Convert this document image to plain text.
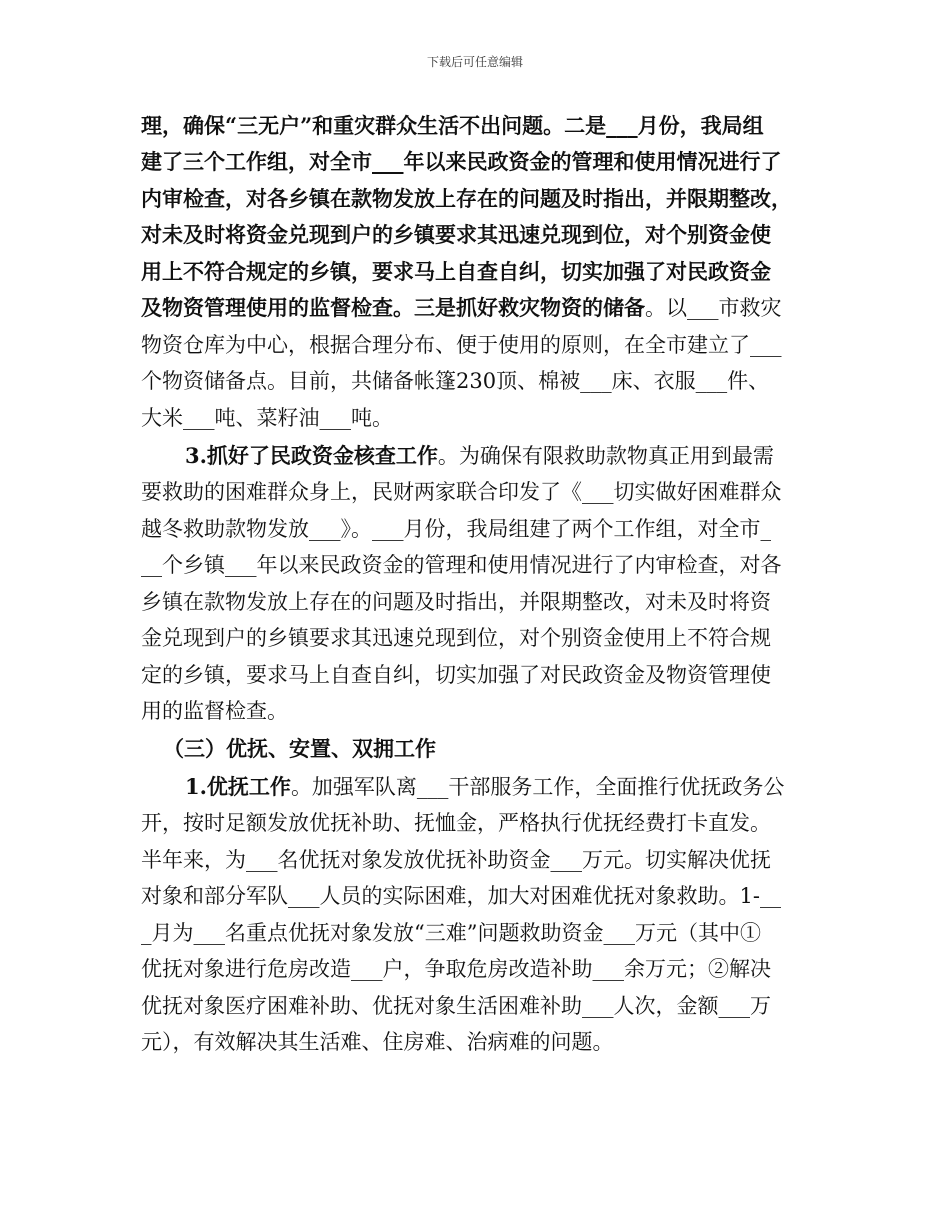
下载后可任意编辑
理，确保“三无户”和重灾群众生活不出问题。二是___月份，我局组
建了三个工作组，对全市___年以来民政资金的管理和使用情况进行了
内审检查，对各乡镇在款物发放上存在的问题及时指出，并限期整改，
对未及时将资金兑现到户的乡镇要求其迅速兑现到位，对个别资金使
用上不符合规定的乡镇，要求马上自查自纠，切实加强了对民政资金
及物资管理使用的监督检查。三是抓好救灾物资的储备。以___市救灾
物资仓库为中心，根据合理分布、便于使用的原则，在全市建立了___
个物资储备点。目前，共储备帐篷230顶、棉被___床、衣服___件、
大米___吨、菜籽油___吨。
3.抓好了民政资金核查工作。为确保有限救助款物真正用到最需
要救助的困难群众身上，民财两家联合印发了《___切实做好困难群众
越冬救助款物发放___》。___月份，我局组建了两个工作组，对全市_
__个乡镇___年以来民政资金的管理和使用情况进行了内审检查，对各
乡镇在款物发放上存在的问题及时指出，并限期整改，对未及时将资
金兑现到户的乡镇要求其迅速兑现到位，对个别资金使用上不符合规
定的乡镇，要求马上自查自纠，切实加强了对民政资金及物资管理使
用的监督检查。
（三）优抚、安置、双拥工作
1.优抚工作。加强军队离___干部服务工作，全面推行优抚政务公
开，按时足额发放优抚补助、抚恤金，严格执行优抚经费打卡直发。
半年来，为___名优抚对象发放优抚补助资金___万元。切实解决优抚
对象和部分军队___人员的实际困难，加大对困难优抚对象救助。1-__
_月为___名重点优抚对象发放“三难”问题救助资金___万元（其中①
优抚对象进行危房改造___户，争取危房改造补助___余万元；②解决
优抚对象医疗困难补助、优抚对象生活困难补助___人次，金额___万
元），有效解决其生活难、住房难、治病难的问题。
